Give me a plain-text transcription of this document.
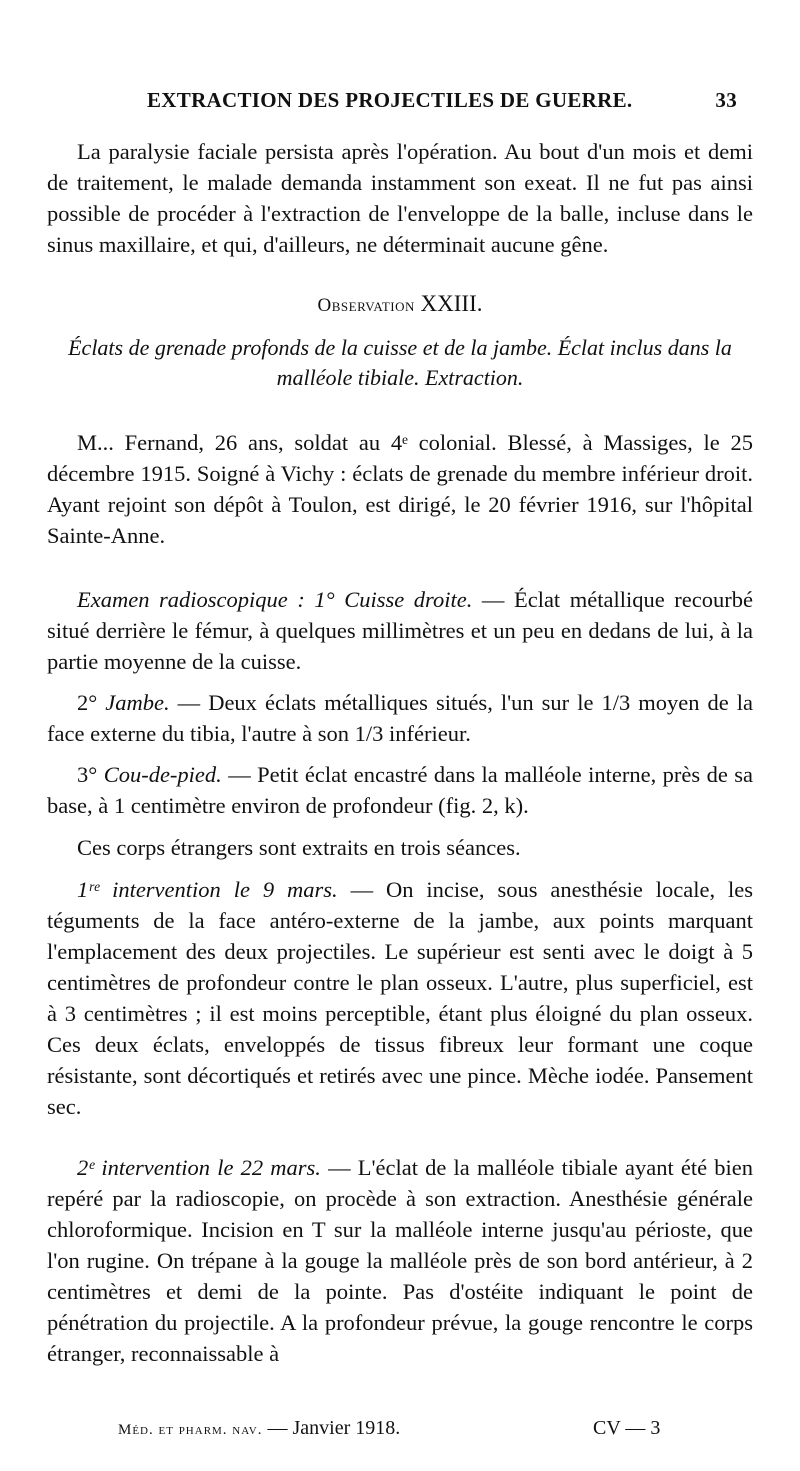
EXTRACTION DES PROJECTILES DE GUERRE.	33

La paralysie faciale persista après l'opération. Au bout d'un mois et demi de traitement, le malade demanda instamment son exeat. Il ne fut pas ainsi possible de procéder à l'extraction de l'enveloppe de la balle, incluse dans le sinus maxillaire, et qui, d'ailleurs, ne déterminait aucune gêne.

Observation XXIII.

Éclats de grenade profonds de la cuisse et de la jambe. Éclat inclus dans la malléole tibiale. Extraction.

M... Fernand, 26 ans, soldat au 4ᵉ colonial. Blessé, à Massiges, le 25 décembre 1915. Soigné à Vichy : éclats de grenade du membre inférieur droit. Ayant rejoint son dépôt à Toulon, est dirigé, le 20 février 1916, sur l'hôpital Sainte-Anne.

Examen radioscopique : 1° Cuisse droite. — Éclat métallique recourbé situé derrière le fémur, à quelques millimètres et un peu en dedans de lui, à la partie moyenne de la cuisse.

2° Jambe. — Deux éclats métalliques situés, l'un sur le 1/3 moyen de la face externe du tibia, l'autre à son 1/3 inférieur.

3° Cou-de-pied. — Petit éclat encastré dans la malléole interne, près de sa base, à 1 centimètre environ de profondeur (fig. 2, k).

Ces corps étrangers sont extraits en trois séances.

1ʳᵉ intervention le 9 mars. — On incise, sous anesthésie locale, les téguments de la face antéro-externe de la jambe, aux points marquant l'emplacement des deux projectiles. Le supérieur est senti avec le doigt à 5 centimètres de profondeur contre le plan osseux. L'autre, plus superficiel, est à 3 centimètres ; il est moins perceptible, étant plus éloigné du plan osseux. Ces deux éclats, enveloppés de tissus fibreux leur formant une coque résistante, sont décortiqués et retirés avec une pince. Mèche iodée. Pansement sec.

2ᵉ intervention le 22 mars. — L'éclat de la malléole tibiale ayant été bien repéré par la radioscopie, on procède à son extraction. Anesthésie générale chloroformique. Incision en T sur la malléole interne jusqu'au périoste, que l'on rugine. On trépane à la gouge la malléole près de son bord antérieur, à 2 centimètres et demi de la pointe. Pas d'ostéite indiquant le point de pénétration du projectile. A la profondeur prévue, la gouge rencontre le corps étranger, reconnaissable à

Méd. et pharm. nav. — Janvier 1918.	CV — 3
